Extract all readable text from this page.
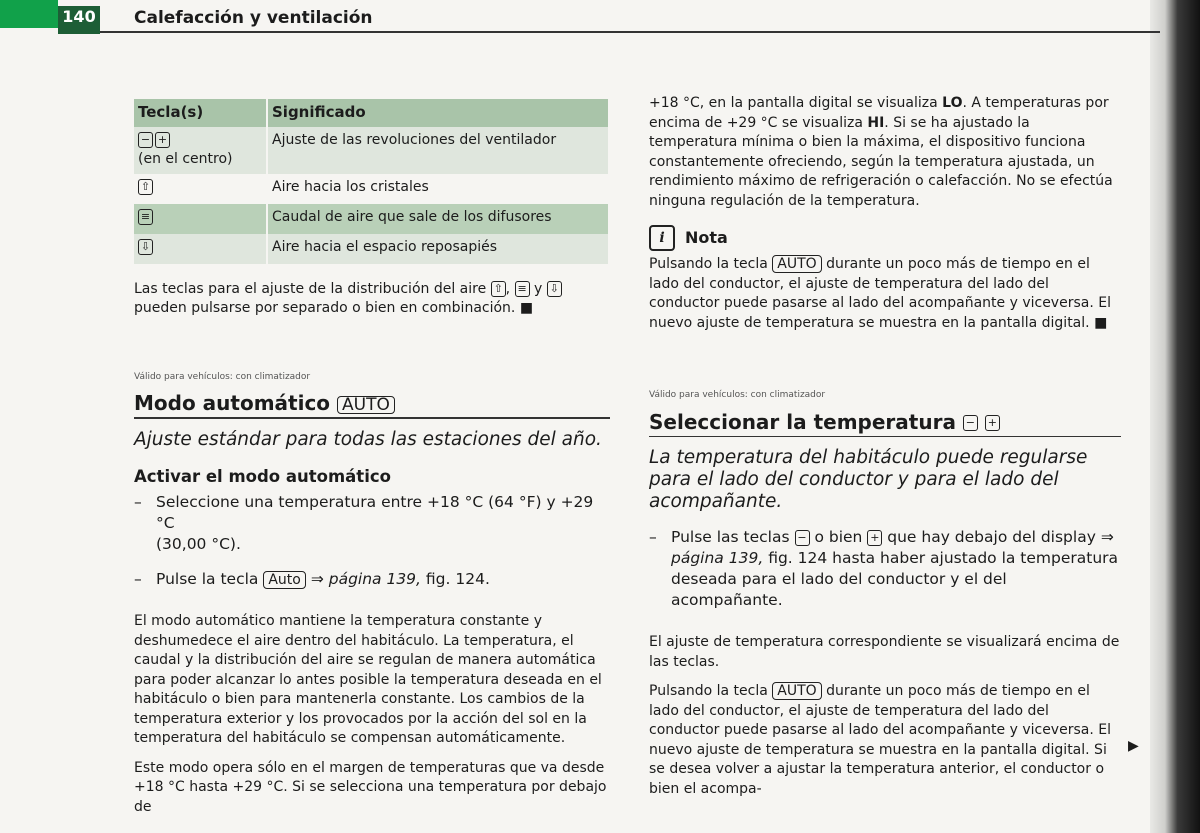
140 Calefacción y ventilación
Tecla(s)	Significado
− +
(en el centro)	Ajuste de las revoluciones del ventilador
⇧	Aire hacia los cristales
≡	Caudal de aire que sale de los difusores
⇩	Aire hacia el espacio reposapiés

Las teclas para el ajuste de la distribución del aire ⇧ , ≡ y ⇩ pueden pulsarse por separado o bien en combinación. ■

Válido para vehículos: con climatizador

Modo automático AUTO

Ajuste estándar para todas las estaciones del año.

Activar el modo automático

– Seleccione una temperatura entre +18 °C (64 °F) y +29 °C
(30,00 °C).
– Pulse la tecla Auto ⇒ página 139, fig. 124.

El modo automático mantiene la temperatura constante y deshumedece el aire dentro del habitáculo. La temperatura, el caudal y la distribución del aire se regulan de manera automática para poder alcanzar lo antes posible la temperatura deseada en el habitáculo o bien para mantenerla constante. Los cambios de la temperatura exterior y los provocados por la acción del sol en la temperatura del habitáculo se compensan automáticamente.

Este modo opera sólo en el margen de temperaturas que va desde +18 °C hasta +29 °C. Si se selecciona una temperatura por debajo de

+18 °C, en la pantalla digital se visualiza LO. A temperaturas por encima de +29 °C se visualiza HI. Si se ha ajustado la temperatura mínima o bien la máxima, el dispositivo funciona constantemente ofreciendo, según la temperatura ajustada, un rendimiento máximo de refrigeración o calefacción. No se efectúa ninguna regulación de la temperatura.

i	Nota

Pulsando la tecla AUTO durante un poco más de tiempo en el lado del conductor, el ajuste de temperatura del lado del conductor puede pasarse al lado del acompañante y viceversa. El nuevo ajuste de temperatura se muestra en la pantalla digital. ■

Válido para vehículos: con climatizador

Seleccionar la temperatura − +

La temperatura del habitáculo puede regularse para el lado del conductor y para el lado del acompañante.

– Pulse las teclas − o bien + que hay debajo del display ⇒ página 139, fig. 124 hasta haber ajustado la temperatura deseada para el lado del conductor y el del acompañante.

El ajuste de temperatura correspondiente se visualizará encima de las teclas.

Pulsando la tecla AUTO durante un poco más de tiempo en el lado del conductor, el ajuste de temperatura del lado del conductor puede pasarse al lado del acompañante y viceversa. El nuevo ajuste de temperatura se muestra en la pantalla digital. Si se desea volver a ajustar la temperatura anterior, el conductor o bien el acompa-

▶
